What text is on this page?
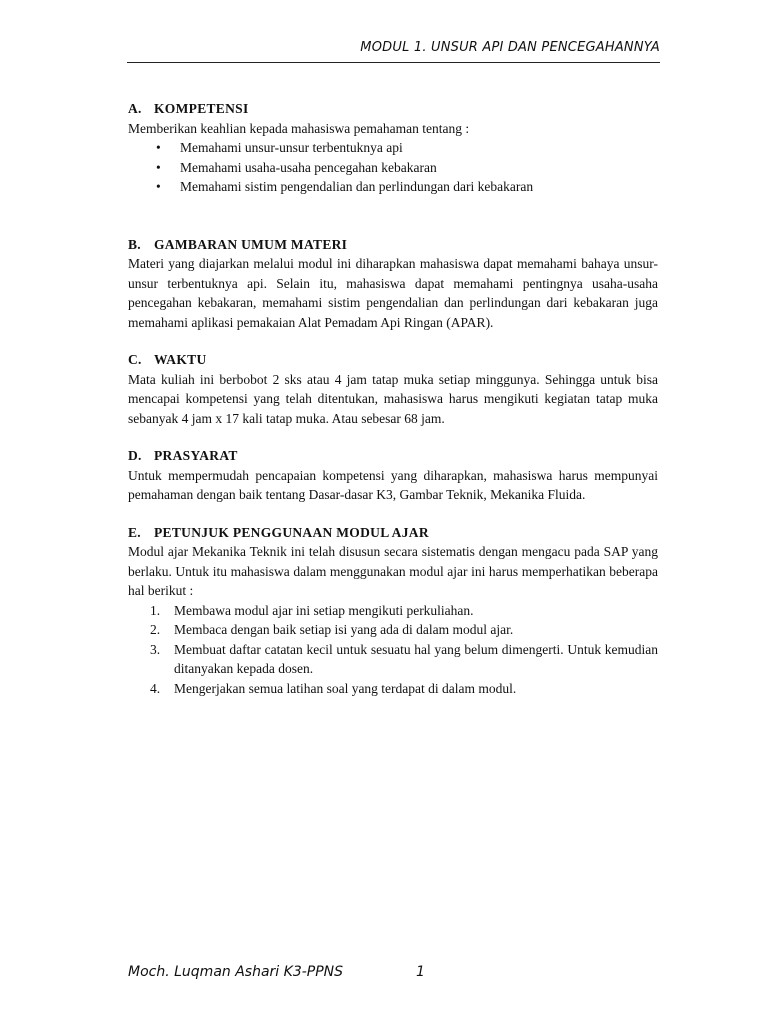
MODUL 1. UNSUR API DAN PENCEGAHANNYA

A. KOMPETENSI

Memberikan keahlian kepada mahasiswa pemahaman tentang :

• Memahami unsur-unsur terbentuknya api
• Memahami usaha-usaha pencegahan kebakaran
• Memahami sistim pengendalian dan perlindungan dari kebakaran

B. GAMBARAN UMUM MATERI

Materi yang diajarkan melalui modul ini diharapkan mahasiswa dapat memahami bahaya unsur-unsur terbentuknya api. Selain itu, mahasiswa dapat memahami pentingnya usaha-usaha pencegahan kebakaran, memahami sistim pengendalian dan perlindungan dari kebakaran juga memahami aplikasi pemakaian Alat Pemadam Api Ringan (APAR).

C. WAKTU

Mata kuliah ini berbobot 2 sks atau 4 jam tatap muka setiap minggunya. Sehingga untuk bisa mencapai kompetensi yang telah ditentukan, mahasiswa harus mengikuti kegiatan tatap muka sebanyak 4 jam x 17 kali tatap muka. Atau sebesar 68 jam.

D. PRASYARAT

Untuk mempermudah pencapaian kompetensi yang diharapkan, mahasiswa harus mempunyai pemahaman dengan baik tentang Dasar-dasar K3, Gambar Teknik, Mekanika Fluida.

E. PETUNJUK PENGGUNAAN MODUL AJAR

Modul ajar Mekanika Teknik ini telah disusun secara sistematis dengan mengacu pada SAP yang berlaku. Untuk itu mahasiswa dalam menggunakan modul ajar ini harus memperhatikan beberapa hal berikut :

1. Membawa modul ajar ini setiap mengikuti perkuliahan.
2. Membaca dengan baik setiap isi yang ada di dalam modul ajar.
3. Membuat daftar catatan kecil untuk sesuatu hal yang belum dimengerti. Untuk kemudian ditanyakan kepada dosen.
4. Mengerjakan semua latihan soal yang terdapat di dalam modul.
Moch. Luqman Ashari K3-PPNS	1
